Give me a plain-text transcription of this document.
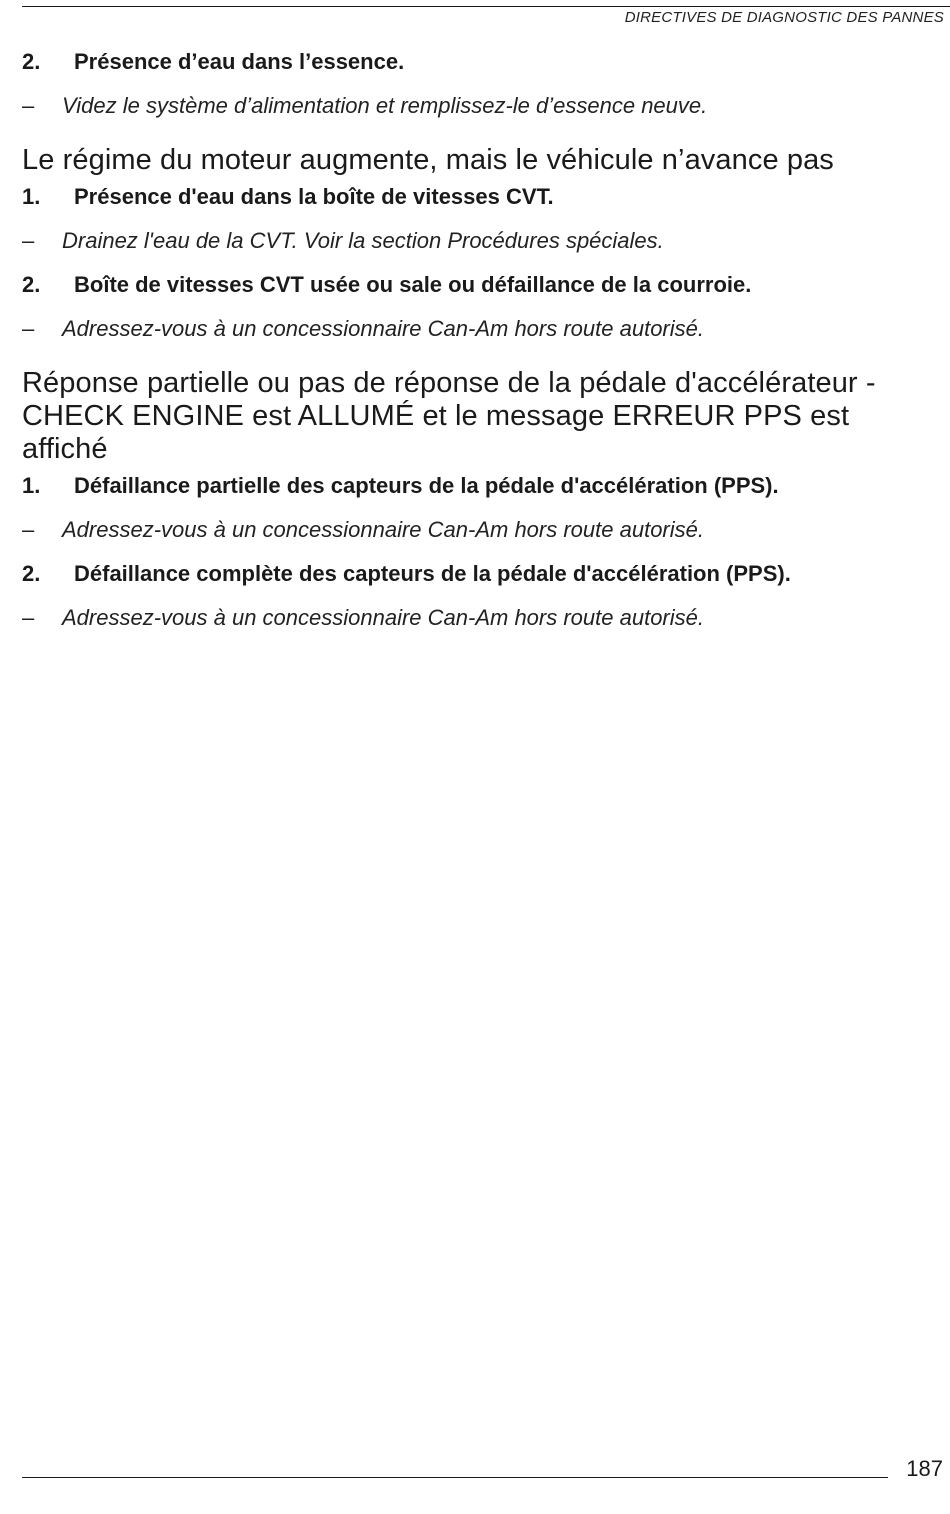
DIRECTIVES DE DIAGNOSTIC DES PANNES

2.	Présence d’eau dans l’essence.

–	Videz le système d’alimentation et remplissez-le d’essence neuve.

Le régime du moteur augmente, mais le véhicule n’avance pas

1.	Présence d'eau dans la boîte de vitesses CVT.

–	Drainez l'eau de la CVT. Voir la section Procédures spéciales.

2.	Boîte de vitesses CVT usée ou sale ou défaillance de la courroie.

–	Adressez-vous à un concessionnaire Can-Am hors route autorisé.

Réponse partielle ou pas de réponse de la pédale d'accélérateur - CHECK ENGINE est ALLUMÉ et le message ERREUR PPS est affiché

1.	Défaillance partielle des capteurs de la pédale d'accélération (PPS).

–	Adressez-vous à un concessionnaire Can-Am hors route autorisé.

2.	Défaillance complète des capteurs de la pédale d'accélération (PPS).

–	Adressez-vous à un concessionnaire Can-Am hors route autorisé.

187
